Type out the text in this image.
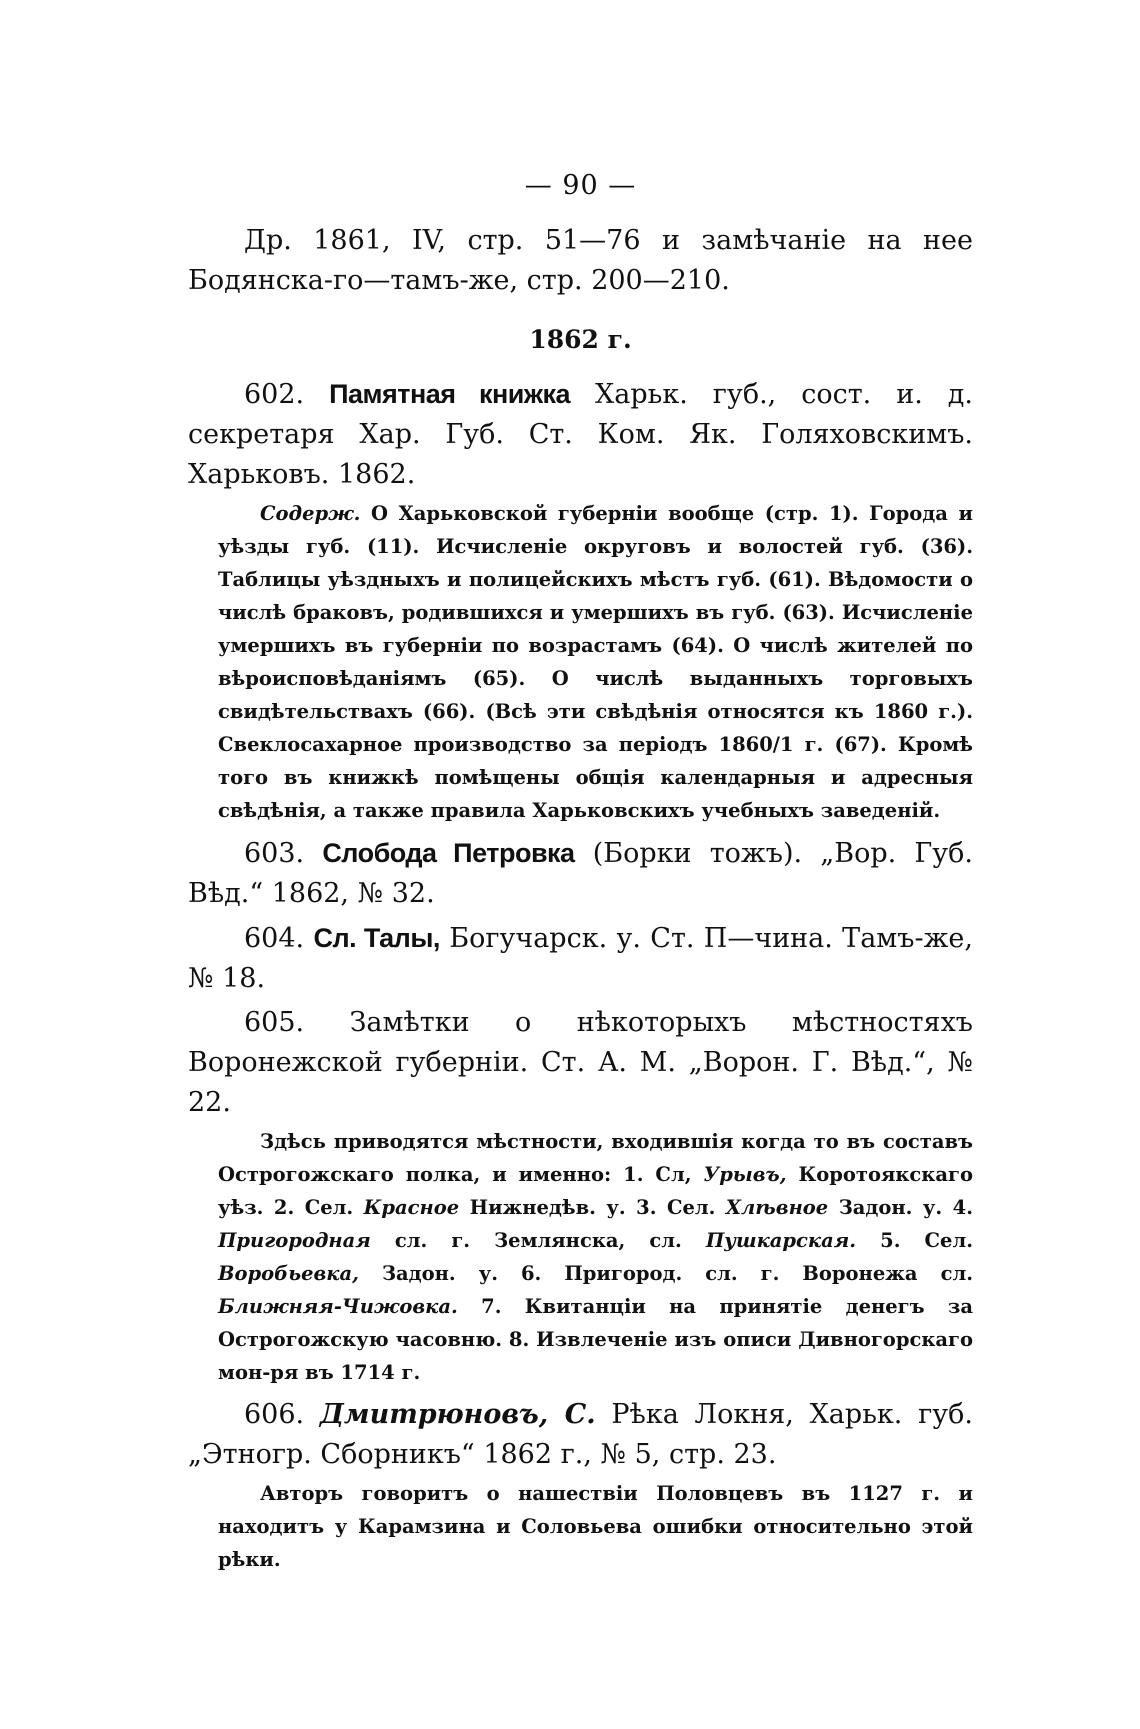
— 90 —

Др. 1861, IV, стр. 51—76 и замѣчаніе на нее Бодянска-го—тамъ-же, стр. 200—210.

1862 г.

602. Памятная книжка Харьк. губ., сост. и. д. секретаря Хар. Губ. Ст. Ком. Як. Голяховскимъ. Харьковъ. 1862.

Содерж. О Харьковской губерніи вообще (стр. 1). Города и уѣзды губ. (11). Исчисленіе округовъ и волостей губ. (36). Таблицы уѣздныхъ и полицейскихъ мѣстъ губ. (61). Вѣдомости о числѣ браковъ, родившихся и умершихъ въ губ. (63). Исчисленіе умершихъ въ губерніи по возрастамъ (64). О числѣ жителей по вѣроисповѣданіямъ (65). О числѣ выданныхъ торговыхъ свидѣтельствахъ (66). (Всѣ эти свѣдѣнія относятся къ 1860 г.). Свеклосахарное производство за періодъ 1860/1 г. (67). Кромѣ того въ книжкѣ помѣщены общія календарныя и адресныя свѣдѣнія, а также правила Харьковскихъ учебныхъ заведеній.

603. Слобода Петровка (Борки тожъ). „Вор. Губ. Вѣд.“ 1862, № 32.

604. Сл. Талы, Богучарск. у. Ст. П—чина. Тамъ-же, № 18.

605. Замѣтки о нѣкоторыхъ мѣстностяхъ Воронежской губерніи. Ст. А. М. „Ворон. Г. Вѣд.“, № 22.

Здѣсь приводятся мѣстности, входившія когда то въ составъ Острогожскаго полка, и именно: 1. Сл, Урывъ, Коротоякскаго уѣз. 2. Сел. Красное Нижнедѣв. у. 3. Сел. Хлѣвное Задон. у. 4. Пригородная сл. г. Землянска, сл. Пушкарская. 5. Сел. Воробьевка, Задон. у. 6. Пригород. сл. г. Воронежа сл. Ближняя-Чижовка. 7. Квитанціи на принятіе денегъ за Острогожскую часовню. 8. Извлеченіе изъ описи Дивногорскаго мон-ря въ 1714 г.

606. Дмитрюновъ, С. Рѣка Локня, Харьк. губ. „Этногр. Сборникъ“ 1862 г., № 5, стр. 23.

Авторъ говоритъ о нашествіи Половцевъ въ 1127 г. и находитъ у Карамзина и Соловьева ошибки относительно этой рѣки.
